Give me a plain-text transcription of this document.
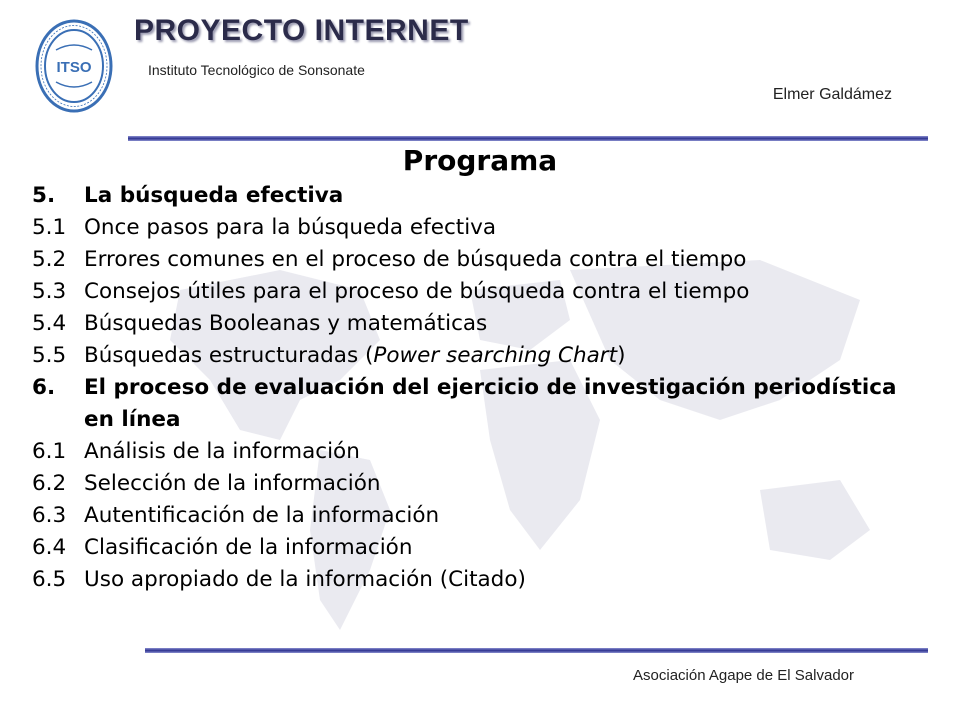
ITSO
PROYECTO INTERNET
Instituto Tecnológico de Sonsonate
Elmer Galdámez
Programa
5.	La búsqueda efectiva
5.1 Once pasos para la búsqueda efectiva
5.2 Errores comunes en el proceso de búsqueda contra el tiempo
5.3 Consejos útiles para el proceso de búsqueda contra el tiempo
5.4 Búsquedas Booleanas y matemáticas
5.5 Búsquedas estructuradas (Power searching Chart)
6.	El proceso de evaluación del ejercicio de investigación periodística en línea
6.1 Análisis de la información
6.2 Selección de la información
6.3 Autentificación de la información
6.4 Clasificación de la información
6.5 Uso apropiado de la información (Citado)
Asociación Agape de El Salvador
